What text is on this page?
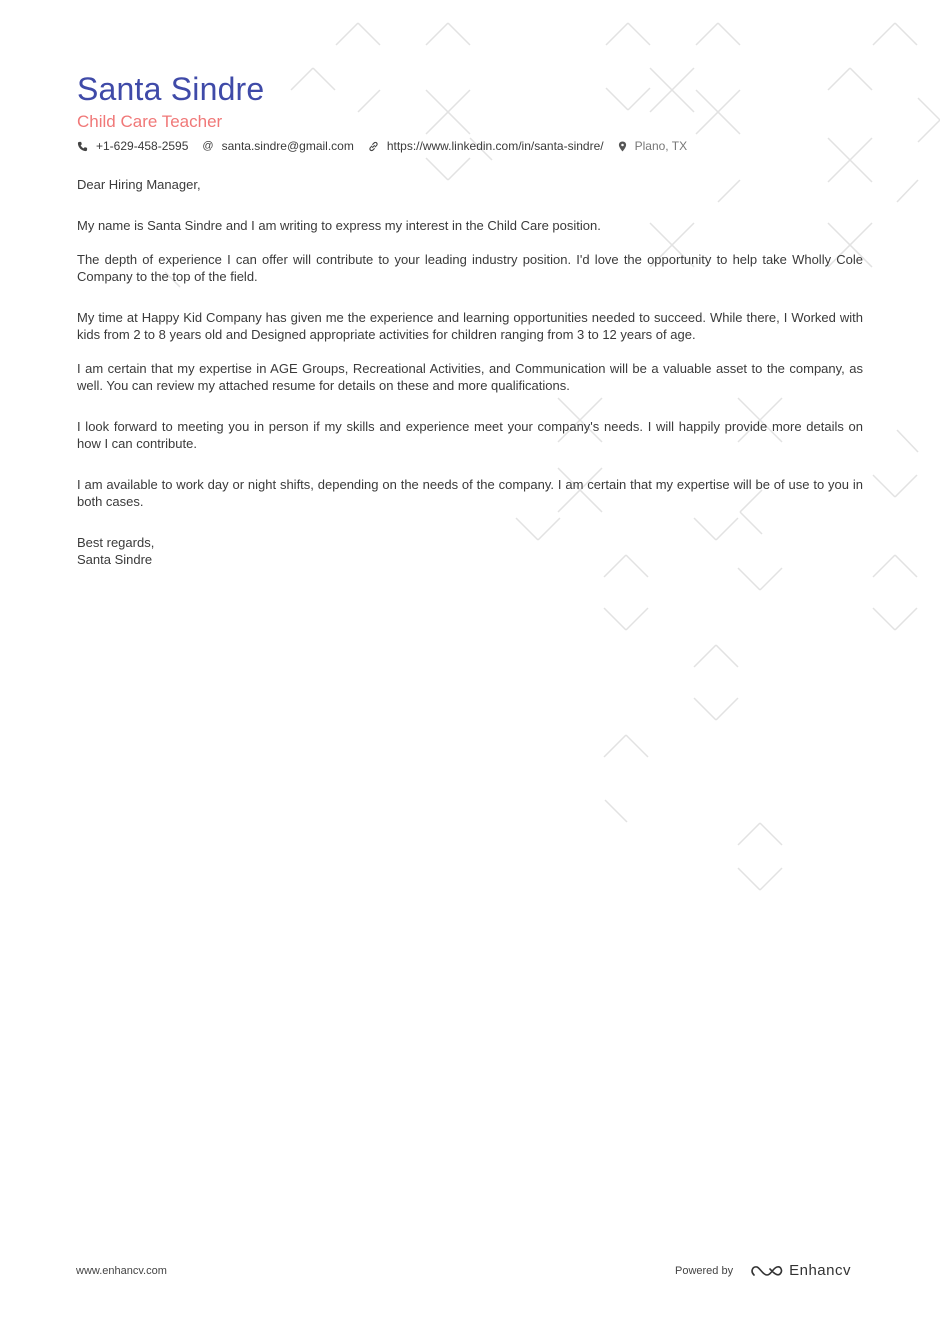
Santa Sindre
Child Care Teacher
+1-629-458-2595 @ santa.sindre@gmail.com	https://www.linkedin.com/in/santa-sindre/	Plano, TX

Dear Hiring Manager,

My name is Santa Sindre and I am writing to express my interest in the Child Care position.

The depth of experience I can offer will contribute to your leading industry position. I'd love the opportunity to help take Wholly Cole Company to the top of the field.

My time at Happy Kid Company has given me the experience and learning opportunities needed to succeed. While there, I Worked with kids from 2 to 8 years old and Designed appropriate activities for children ranging from 3 to 12 years of age.

I am certain that my expertise in AGE Groups, Recreational Activities, and Communication will be a valuable asset to the company, as well. You can review my attached resume for details on these and more qualifications.

I look forward to meeting you in person if my skills and experience meet your company's needs. I will happily provide more details on how I can contribute.

I am available to work day or night shifts, depending on the needs of the company. I am certain that my expertise will be of use to you in both cases.

Best regards,

Santa Sindre

www.enhancv.com	Powered by	Enhancv
